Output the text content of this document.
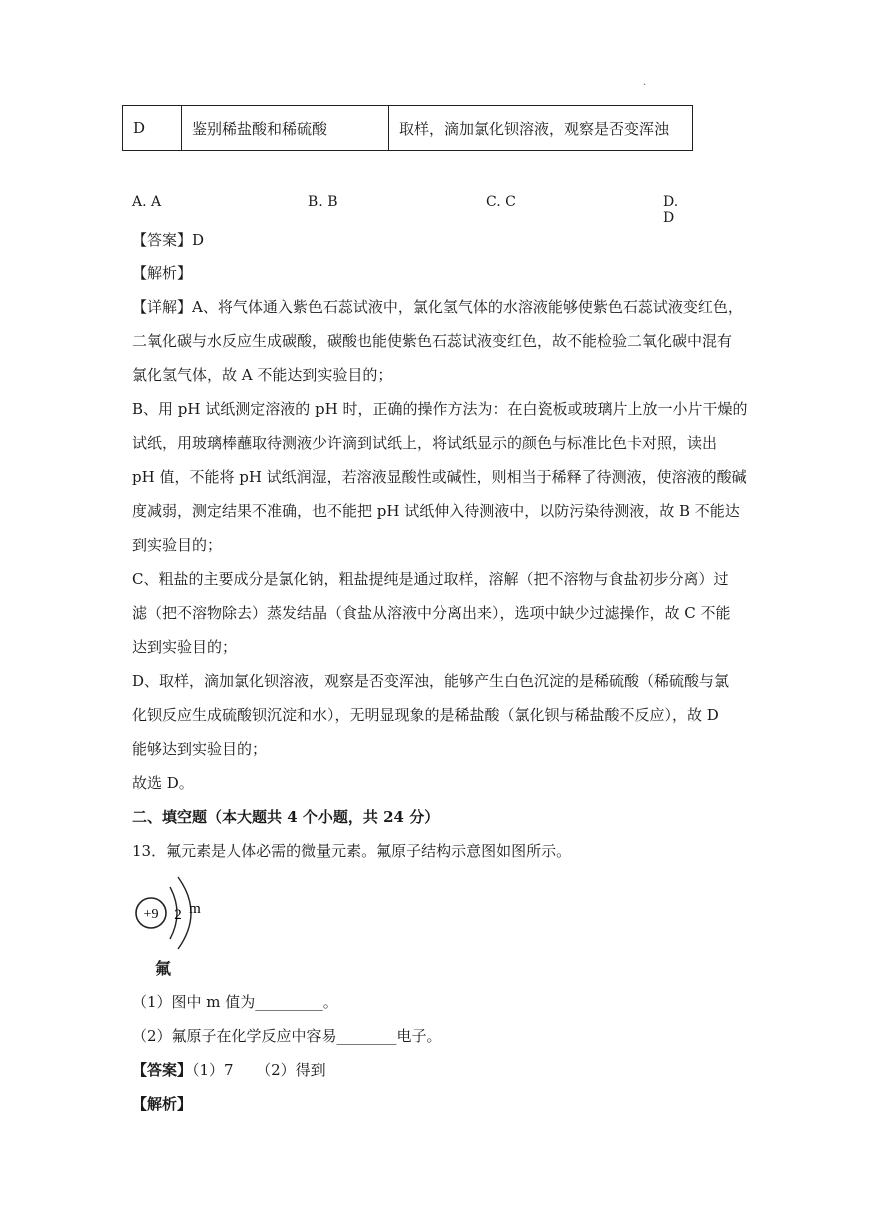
·
D	鉴别稀盐酸和稀硫酸	取样，滴加氯化钡溶液，观察是否变浑浊
A. A	B. B	C. C	D. D
【答案】D
【解析】
【详解】A、将气体通入紫色石蕊试液中，氯化氢气体的水溶液能够使紫色石蕊试液变红色，
二氧化碳与水反应生成碳酸，碳酸也能使紫色石蕊试液变红色，故不能检验二氧化碳中混有
氯化氢气体，故 A 不能达到实验目的；
B、用 pH 试纸测定溶液的 pH 时，正确的操作方法为：在白瓷板或玻璃片上放一小片干燥的
试纸，用玻璃棒蘸取待测液少许滴到试纸上，将试纸显示的颜色与标准比色卡对照，读出
pH 值，不能将 pH 试纸润湿，若溶液显酸性或碱性，则相当于稀释了待测液，使溶液的酸碱
度减弱，测定结果不准确，也不能把 pH 试纸伸入待测液中，以防污染待测液，故 B 不能达
到实验目的；
C、粗盐的主要成分是氯化钠，粗盐提纯是通过取样，溶解（把不溶物与食盐初步分离）过
滤（把不溶物除去）蒸发结晶（食盐从溶液中分离出来），选项中缺少过滤操作，故 C 不能
达到实验目的；
D、取样，滴加氯化钡溶液，观察是否变浑浊，能够产生白色沉淀的是稀硫酸（稀硫酸与氯
化钡反应生成硫酸钡沉淀和水），无明显现象的是稀盐酸（氯化钡与稀盐酸不反应），故 D
能够达到实验目的；
故选 D。
二、填空题（本大题共 4 个小题，共 24 分）
13．氟元素是人体必需的微量元素。氟原子结构示意图如图所示。
+9 2 m
氟
（1）图中 m 值为_________。
（2）氟原子在化学反应中容易________电子。
【答案】（1）7　　（2）得到
【解析】
